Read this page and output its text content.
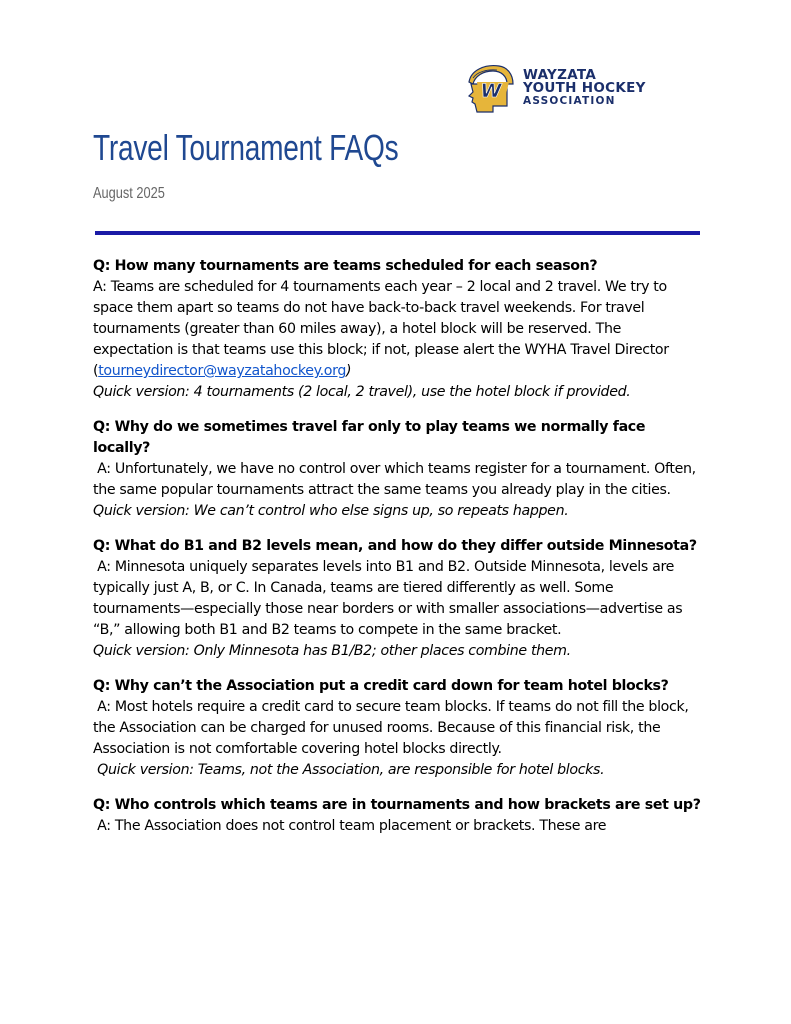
W
WAYZATA
YOUTH HOCKEY
ASSOCIATION
Travel Tournament FAQs
August 2025
Q: How many tournaments are teams scheduled for each season?
A: Teams are scheduled for 4 tournaments each year – 2 local and 2 travel. We try to space them apart so teams do not have back-to-back travel weekends. For travel tournaments (greater than 60 miles away), a hotel block will be reserved. The expectation is that teams use this block; if not, please alert the WYHA Travel Director (tourneydirector@wayzatahockey.org)
Quick version: 4 tournaments (2 local, 2 travel), use the hotel block if provided.
Q: Why do we sometimes travel far only to play teams we normally face locally?
A: Unfortunately, we have no control over which teams register for a tournament. Often, the same popular tournaments attract the same teams you already play in the cities.
Quick version: We can’t control who else signs up, so repeats happen.
Q: What do B1 and B2 levels mean, and how do they differ outside Minnesota?
A: Minnesota uniquely separates levels into B1 and B2. Outside Minnesota, levels are typically just A, B, or C. In Canada, teams are tiered differently as well. Some tournaments—especially those near borders or with smaller associations—advertise as “B,” allowing both B1 and B2 teams to compete in the same bracket.
Quick version: Only Minnesota has B1/B2; other places combine them.
Q: Why can’t the Association put a credit card down for team hotel blocks?
A: Most hotels require a credit card to secure team blocks. If teams do not fill the block, the Association can be charged for unused rooms. Because of this financial risk, the Association is not comfortable covering hotel blocks directly.
Quick version: Teams, not the Association, are responsible for hotel blocks.
Q: Who controls which teams are in tournaments and how brackets are set up?
A: The Association does not control team placement or brackets. These are
